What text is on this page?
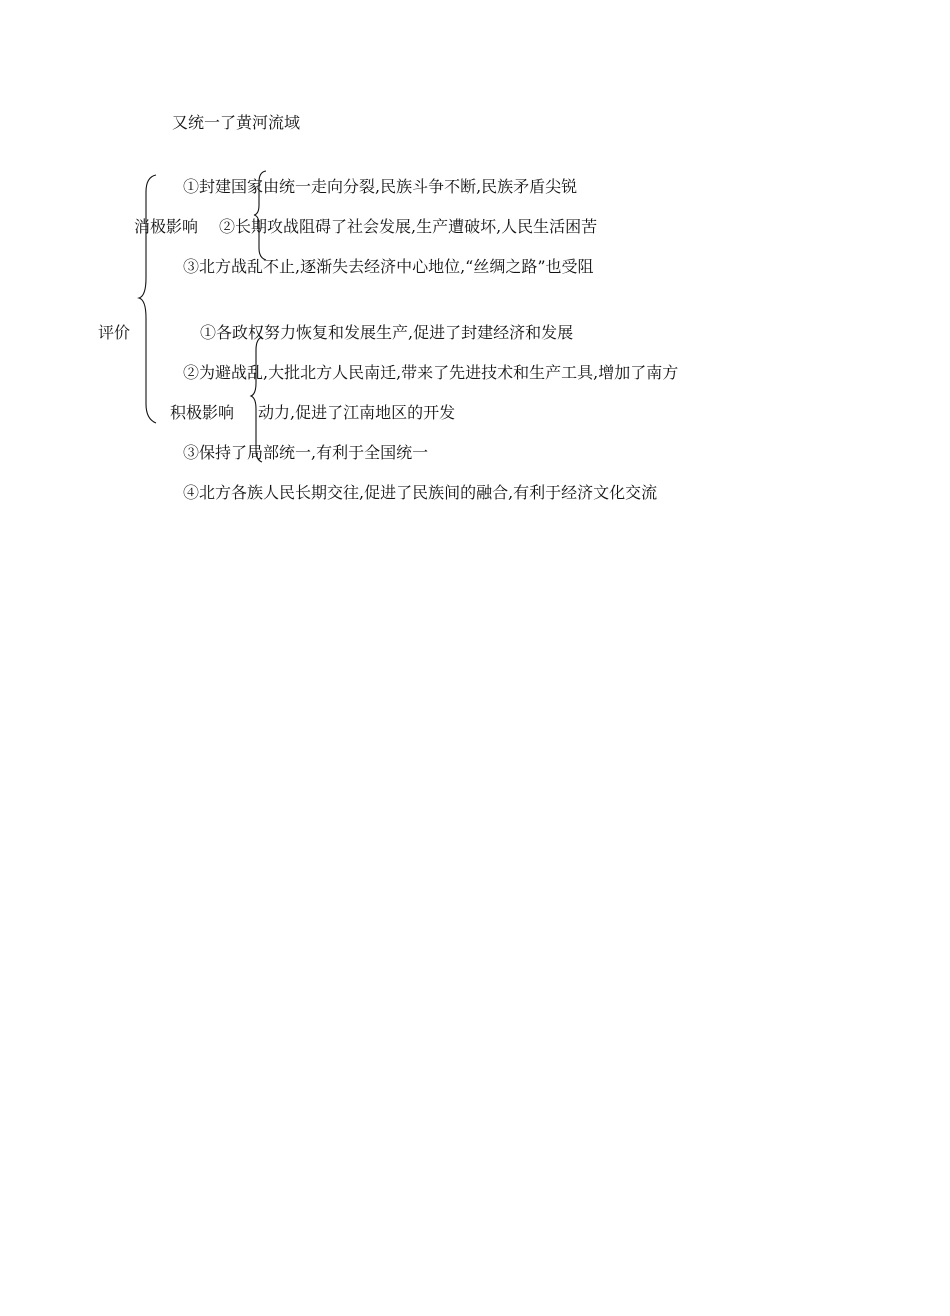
又统一了黄河流域
评价
消极影响
①封建国家由统一走向分裂,民族斗争不断,民族矛盾尖锐
②长期攻战阻碍了社会发展,生产遭破坏,人民生活困苦
③北方战乱不止,逐渐失去经济中心地位,“丝绸之路”也受阻
积极影响
①各政权努力恢复和发展生产,促进了封建经济和发展
②为避战乱,大批北方人民南迁,带来了先进技术和生产工具,增加了南方
动力,促进了江南地区的开发
③保持了局部统一,有利于全国统一
④北方各族人民长期交往,促进了民族间的融合,有利于经济文化交流
